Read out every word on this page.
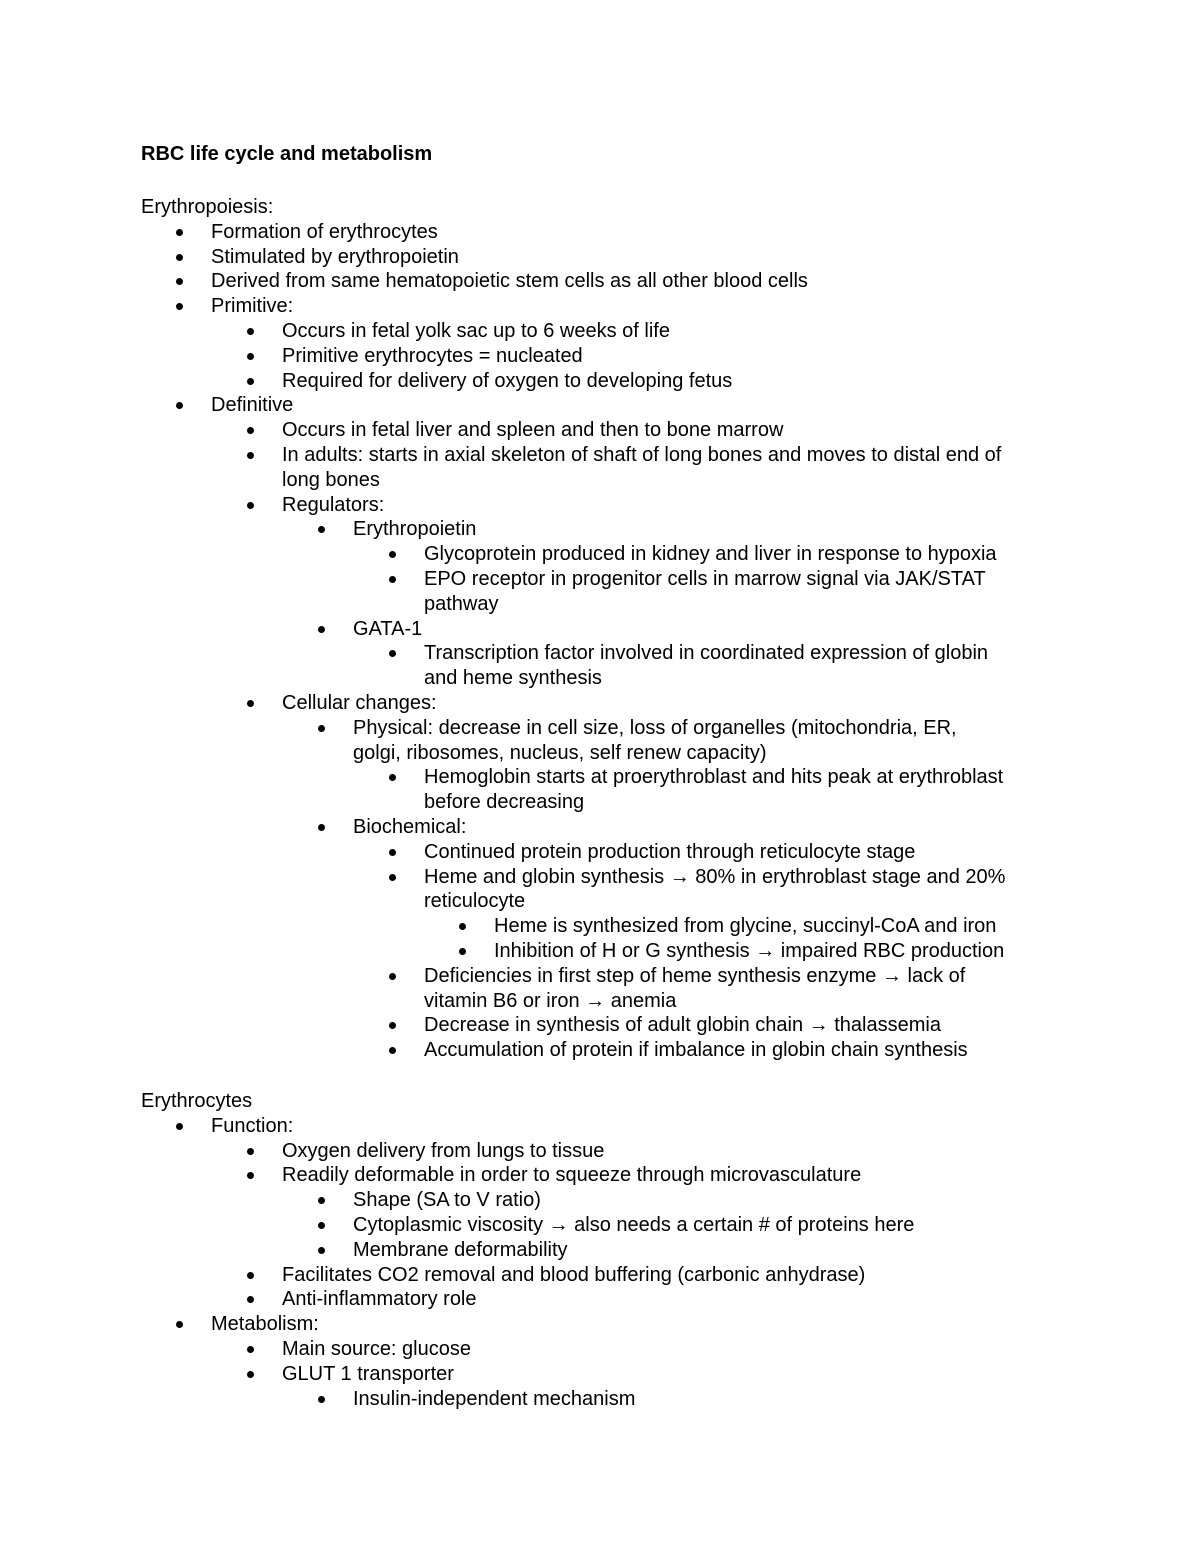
RBC life cycle and metabolism
Erythropoiesis:
Formation of erythrocytes
Stimulated by erythropoietin
Derived from same hematopoietic stem cells as all other blood cells
Primitive:
Occurs in fetal yolk sac up to 6 weeks of life
Primitive erythrocytes = nucleated
Required for delivery of oxygen to developing fetus
Definitive
Occurs in fetal liver and spleen and then to bone marrow
In adults: starts in axial skeleton of shaft of long bones and moves to distal end of
long bones
Regulators:
Erythropoietin
Glycoprotein produced in kidney and liver in response to hypoxia
EPO receptor in progenitor cells in marrow signal via JAK/STAT
pathway
GATA-1
Transcription factor involved in coordinated expression of globin
and heme synthesis
Cellular changes:
Physical: decrease in cell size, loss of organelles (mitochondria, ER,
golgi, ribosomes, nucleus, self renew capacity)
Hemoglobin starts at proerythroblast and hits peak at erythroblast
before decreasing
Biochemical:
Continued protein production through reticulocyte stage
Heme and globin synthesis → 80% in erythroblast stage and 20%
reticulocyte
Heme is synthesized from glycine, succinyl-CoA and iron
Inhibition of H or G synthesis → impaired RBC production
Deficiencies in first step of heme synthesis enzyme → lack of
vitamin B6 or iron → anemia
Decrease in synthesis of adult globin chain → thalassemia
Accumulation of protein if imbalance in globin chain synthesis
Erythrocytes
Function:
Oxygen delivery from lungs to tissue
Readily deformable in order to squeeze through microvasculature
Shape (SA to V ratio)
Cytoplasmic viscosity → also needs a certain # of proteins here
Membrane deformability
Facilitates CO2 removal and blood buffering (carbonic anhydrase)
Anti-inflammatory role
Metabolism:
Main source: glucose
GLUT 1 transporter
Insulin-independent mechanism
